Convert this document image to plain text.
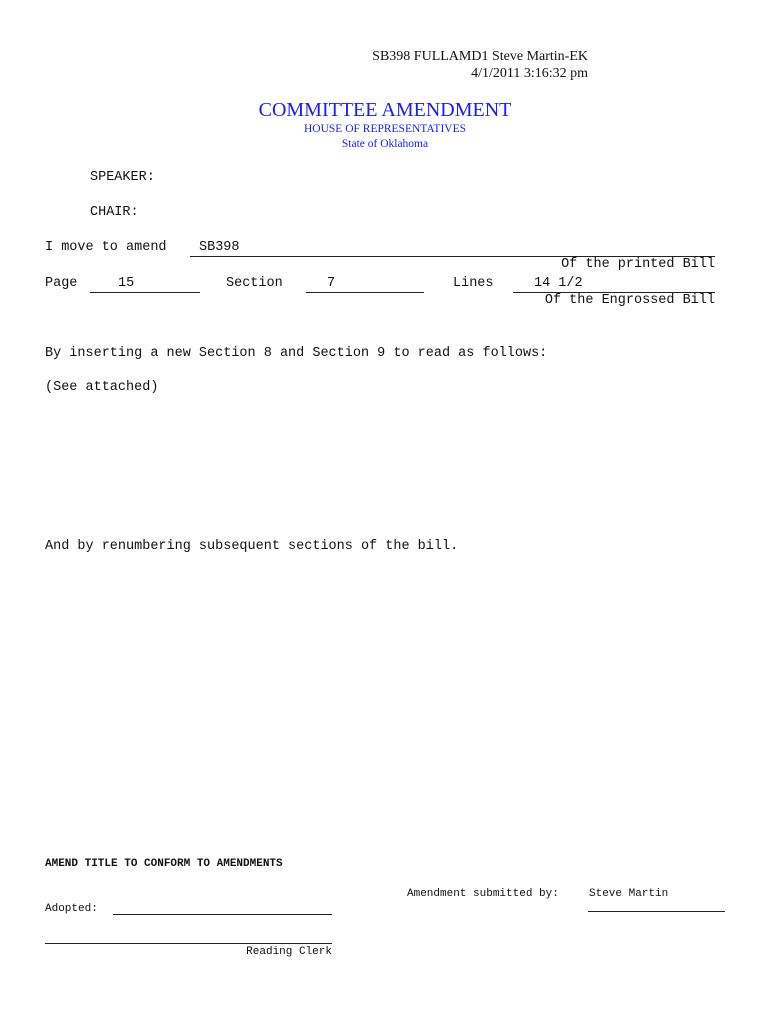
SB398 FULLAMD1 Steve Martin-EK
4/1/2011 3:16:32 pm
COMMITTEE AMENDMENT
HOUSE OF REPRESENTATIVES
State of Oklahoma
SPEAKER:
CHAIR:
I move to amend SB398
Of the printed Bill
Page	15	Section	7	Lines	14 1/2
Of the Engrossed Bill
By inserting a new Section 8 and Section 9 to read as follows:
(See attached)
And by renumbering subsequent sections of the bill.
AMEND TITLE TO CONFORM TO AMENDMENTS
Amendment submitted by:	Steve Martin
Adopted:
Reading Clerk
